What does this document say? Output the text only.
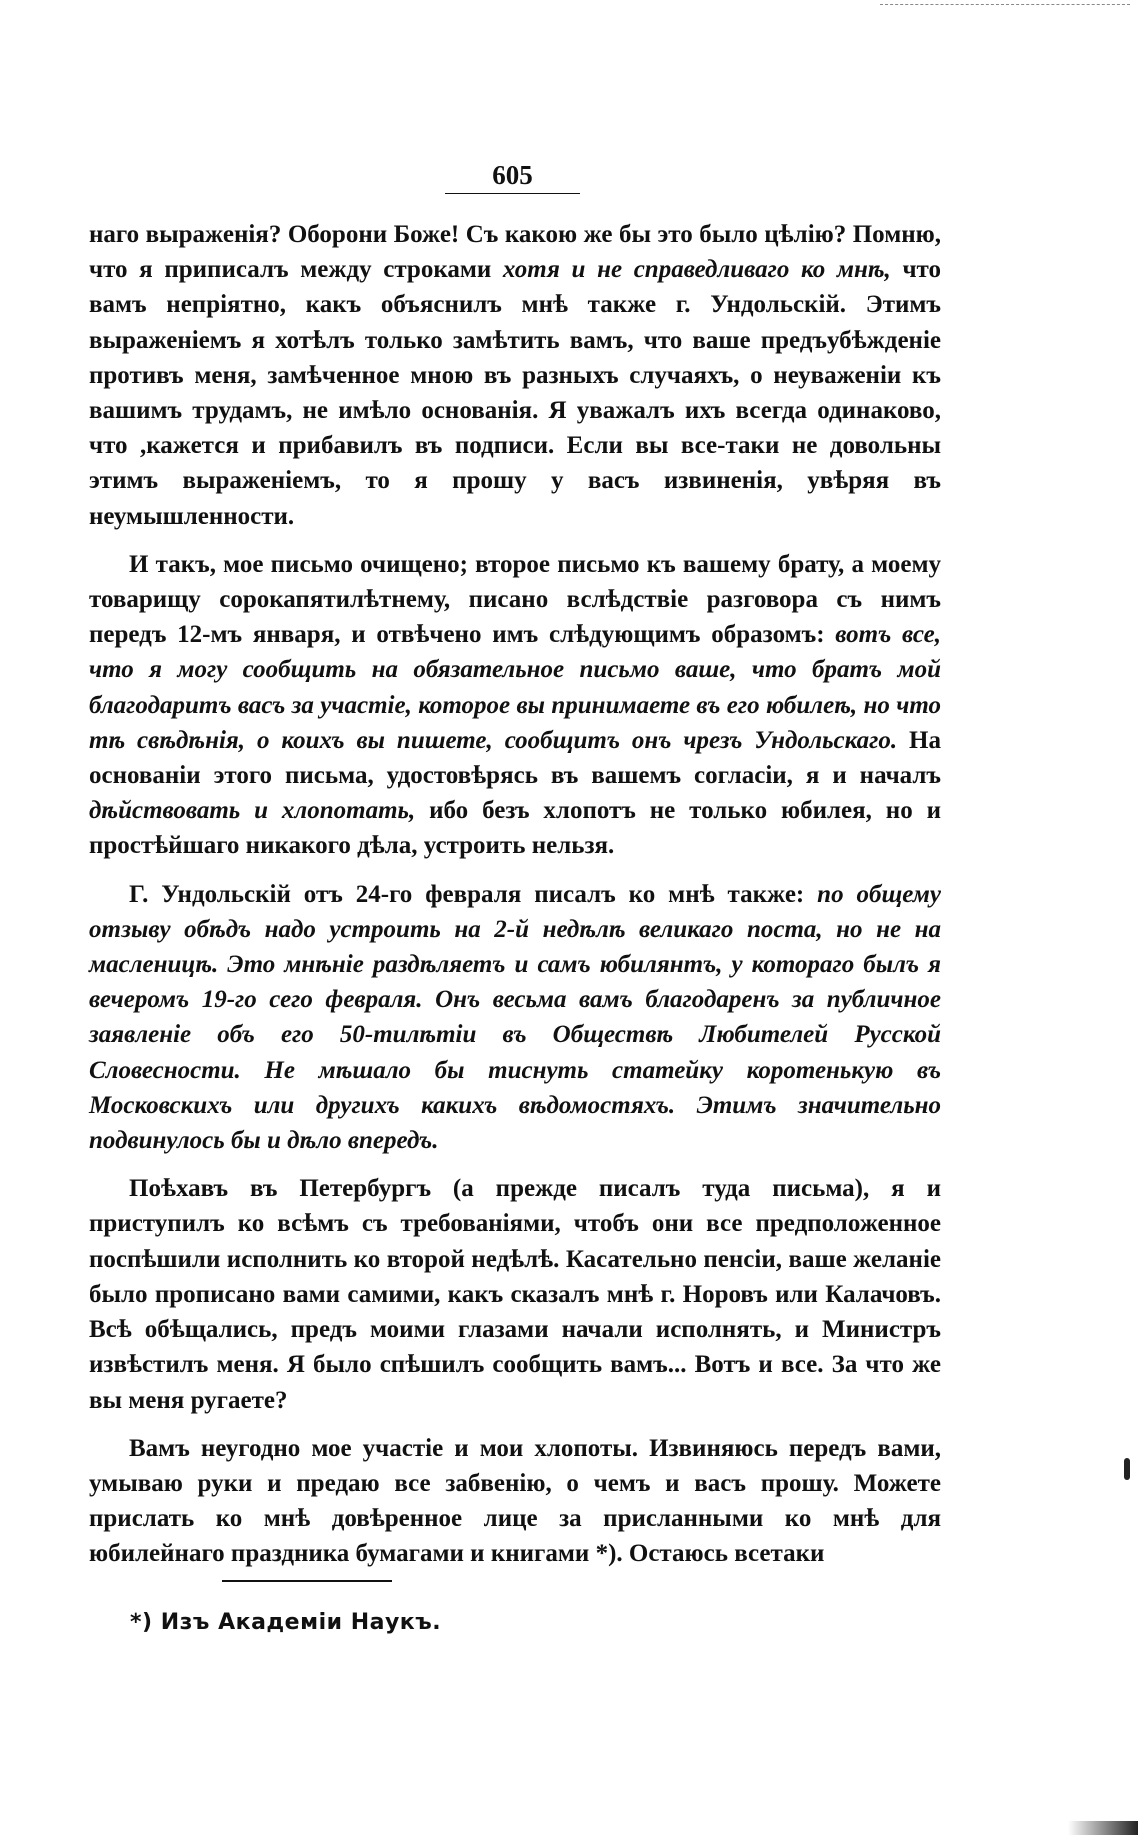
605

наго выраженія? Оборони Боже! Съ какою же бы это было цѣлію? Помню, что я приписалъ между строками хотя и не справедливаго ко мнѣ, что вамъ непріятно, какъ объяснилъ мнѣ также г. Ундольскій. Этимъ выраженіемъ я хотѣлъ только замѣтить вамъ, что ваше предъубѣжденіе противъ меня, замѣченное мною въ разныхъ случаяхъ, о неуваженіи къ вашимъ трудамъ, не имѣло основанія. Я уважалъ ихъ всегда одинаково, что ,кажется и прибавилъ въ подписи. Если вы все-таки не довольны этимъ выраженіемъ, то я прошу у васъ извиненія, увѣряя въ неумышленности.

И такъ, мое письмо очищено; второе письмо къ вашему брату, а моему товарищу сорокапятилѣтнему, писано вслѣдствіе разговора съ нимъ передъ 12-мъ января, и отвѣчено имъ слѣдующимъ образомъ: вотъ все, что я могу сообщить на обязательное письмо ваше, что братъ мой благодаритъ васъ за участіе, которое вы принимаете въ его юбилеѣ, но что тѣ свѣдѣнія, о коихъ вы пишете, сообщитъ онъ чрезъ Ундольскаго. На основаніи этого письма, удостовѣрясь въ вашемъ согласіи, я и началъ дѣйствовать и хлопотать, ибо безъ хлопотъ не только юбилея, но и простѣйшаго никакого дѣла, устроить нельзя.

Г. Ундольскій отъ 24-го февраля писалъ ко мнѣ также: по общему отзыву обѣдъ надо устроить на 2-й недѣлѣ великаго поста, но не на масленицѣ. Это мнѣніе раздѣляетъ и самъ юбилянтъ, у котораго былъ я вечеромъ 19-го сего февраля. Онъ весьма вамъ благодаренъ за публичное заявленіе объ его 50-тилѣтіи въ Обществѣ Любителей Русской Словесности. Не мѣшало бы тиснуть статейку коротенькую въ Московскихъ или другихъ какихъ вѣдомостяхъ. Этимъ значительно подвинулось бы и дѣло впередъ.

Поѣхавъ въ Петербургъ (а прежде писалъ туда письма), я и приступилъ ко всѣмъ съ требованіями, чтобъ они все предположенное поспѣшили исполнить ко второй недѣлѣ. Касательно пенсіи, ваше желаніе было прописано вами самими, какъ сказалъ мнѣ г. Норовъ или Калачовъ. Всѣ обѣщались, предъ моими глазами начали исполнять, и Министръ извѣстилъ меня. Я было спѣшилъ сообщить вамъ... Вотъ и все. За что же вы меня ругаете?

Вамъ неугодно мое участіе и мои хлопоты. Извиняюсь передъ вами, умываю руки и предаю все забвенію, о чемъ и васъ прошу. Можете прислать ко мнѣ довѣренное лице за присланными ко мнѣ для юбилейнаго праздника бумагами и книгами *). Остаюсь всетаки

*) Изъ Академіи Наукъ.
